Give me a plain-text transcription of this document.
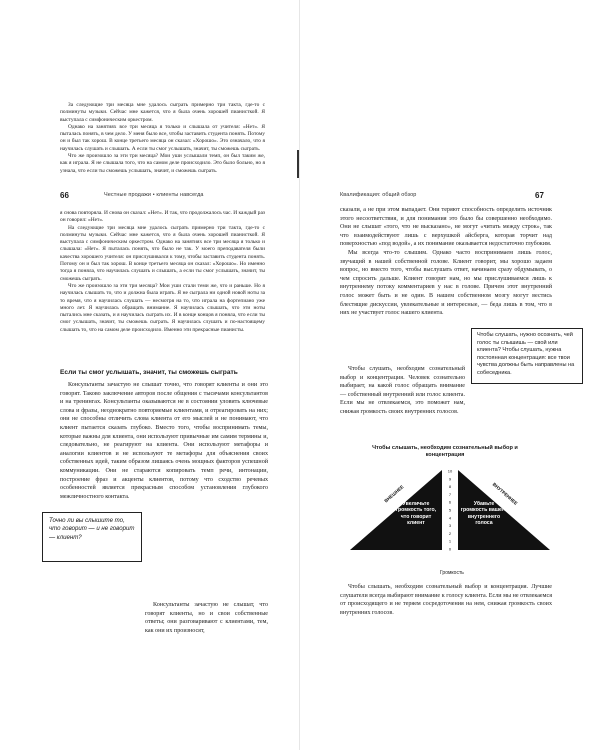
За следующие три месяца мне удалось сыграть примерно три такта, где-то с полминуты музыки. Сейчас мне кажется, что я была очень хорошей пианисткой. Я выступала с симфоническим оркестром.

Однако на занятиях все три месяца я только и слышала от учителя: «Нет». Я пыталась понять, в чем дело. У меня было все, чтобы заставить студента понять. Потому он и был так хорош. В конце третьего месяца он сказал: «Хорошо». Это означало, что я научилась слушать и слышать. А если ты смог услышать, значит, ты сможешь сыграть.

Что же произошло за эти три месяца? Мои уши услышали темп, он был таким же, как я играла. Я не слышала того, что на самом деле происходило. Это было больно, но я узнала, что если ты сможешь услышать, значит, и сможешь сыграть.

66	Честные продажи • клиенты навсегда

я снова повторяла. И снова он сказал: «Нет». И так, что продолжалось час. И каждый раз он говорил: «Нет».

На следующие три месяца мне удалось сыграть примерно три такта, где-то с полминуты музыки. Сейчас мне кажется, что я была очень хорошей пианисткой. Я выступала с симфоническим оркестром. Однако на занятиях все три месяца я только и слышала: «Нет». Я пыталась понять, что было не так. У моего преподавателя были качества хорошего учителя: он прислушивался к тому, чтобы заставить студента понять. Потому он и был так хорош. В конце третьего месяца он сказал: «Хорошо». Но именно тогда я поняла, что научилась слушать и слышать, а если ты смог услышать, значит, ты сможешь сыграть.

Что же произошло за эти три месяца? Мои уши стали теми же, что и раньше. Но я научилась слышать то, что и должна была играть. Я не сыграла ни одной новой ноты за то время, что я научилась слушать — несмотря на то, что играла на фортепиано уже много лет. Я научилась обращать внимание. Я научилась слышать, что эти ноты пытались мне сказать, и я научилась сыграть их. И в конце концов я поняла, что если ты смог услышать, значит, ты сможешь сыграть. Я научилась слушать и по-настоящему слышать то, что на самом деле происходило. Именно эти прекрасные пианисты.

Если ты смог услышать, значит, ты сможешь сыграть

Консультанты зачастую не слышат точно, что говорят клиенты и они это говорят. Таково заключение авторов после общения с тысячами консультантов и на тренингах. Консультанты оказываются не в состоянии уловить ключевые слова и фразы, неоднократно повторяемые клиентами, и отреагировать на них; они не способны отличить слова клиента от его мыслей и не понимают, что клиент пытается сказать глубоко. Вместо того, чтобы воспринимать темы, которые важны для клиента, они используют привычные им самим термины и, следовательно, не реагируют на клиента. Они используют метафоры и аналогии клиентов и не используют те метафоры для объяснения своих собственных идей, таким образом лишаясь очень мощных факторов успешной коммуникации. Они не стараются копировать темп речи, интонации, построение фраз и акценты клиентов, потому что сходство речевых особенностей является прекрасным способом установления глубокого межличностного контакта.

Консультанты зачастую не слышат, что говорят клиенты, но и свои собственные ответы; они разговаривают с клиентами, тем, как они их произносят,

Точно ли вы слышите то, что говорит — и не говорит — клиент?
Квалификация: общий обзор	67

сказали, а не при этом выпадает. Они теряют способность определить источник этого несоответствия, и для понимания это было бы совершенно необходимо. Они не слышат «того, что не высказано», не могут «читать между строк», так что взаимодействуют лишь с верхушкой айсберга, которая торчит над поверхностью «под водой», а их понимание оказывается недостаточно глубоким.

Мы всегда что-то слышим. Однако часто воспринимаем лишь голос, звучащий в нашей собственной голове. Клиент говорит, мы хорошо задаем вопрос, но вместо того, чтобы выслушать ответ, начинаем сразу обдумывать, о чем спросить дальше. Клиент говорит нам, но мы прислушиваемся лишь к внутреннему потоку комментариев у нас в голове. Причем этот внутренний голос может быть и не один. В нашем собственном мозгу могут вестись блестящие дискуссии, увлекательные и интересные, — беда лишь в том, что в них не участвует голос нашего клиента.

Чтобы слушать, необходим сознательный выбор и концентрация. Человек сознательно выбирает, на какой голос обращать внимание — собственный внутренний или голос клиента. Если мы не отвлекаемся, это поможет нам, снижая громкость своих внутренних голосов.

Чтобы слушать, нужно осознать, чей голос ты слышишь — свой или клиента? Чтобы слушать, нужна постоянная концентрация: все твои чувства должны быть направлены на собеседника.
Чтобы слышать, необходим сознательный выбор и концентрация
10
9
8
7
6
5
4
3
2
1
0
ВНЕШНЕЕ	ВНУТРЕННЕЕ
Увеличьте громкость того, что говорит клиент
Убавьте громкость вашего внутреннего голоса
Громкость

Чтобы слышать, необходим сознательный выбор и концентрация. Лучшие слушатели всегда выбирают внимание к голосу клиента. Если мы не отвлекаемся от происходящего и не теряем сосредоточения на нем, снижая громкость своих внутренних голосов.
